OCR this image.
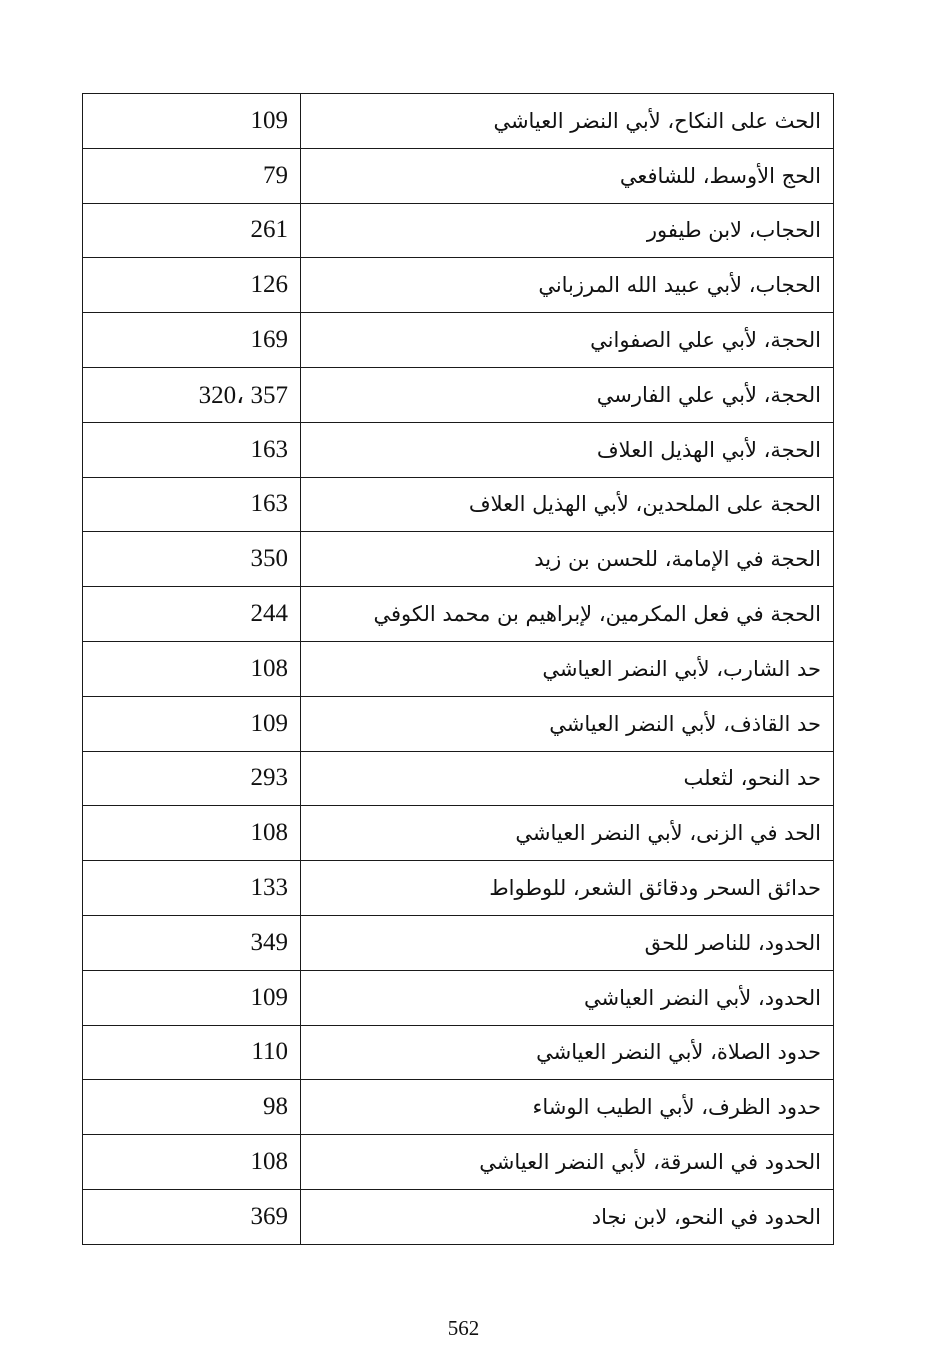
109	الحث على النكاح، لأبي النضر العياشي
79	الحج الأوسط، للشافعي
261	الحجاب، لابن طيفور
126	الحجاب، لأبي عبيد الله المرزباني
169	الحجة، لأبي علي الصفواني
320، 357	الحجة، لأبي علي الفارسي
163	الحجة، لأبي الهذيل العلاف
163	الحجة على الملحدين، لأبي الهذيل العلاف
350	الحجة في الإمامة، للحسن بن زيد
244	الحجة في فعل المكرمين، لإبراهيم بن محمد الكوفي
108	حد الشارب، لأبي النضر العياشي
109	حد القاذف، لأبي النضر العياشي
293	حد النحو، لثعلب
108	الحد في الزنى، لأبي النضر العياشي
133	حدائق السحر ودقائق الشعر، للوطواط
349	الحدود، للناصر للحق
109	الحدود، لأبي النضر العياشي
110	حدود الصلاة، لأبي النضر العياشي
98	حدود الظرف، لأبي الطيب الوشاء
108	الحدود في السرقة، لأبي النضر العياشي
369	الحدود في النحو، لابن نجاد
562
